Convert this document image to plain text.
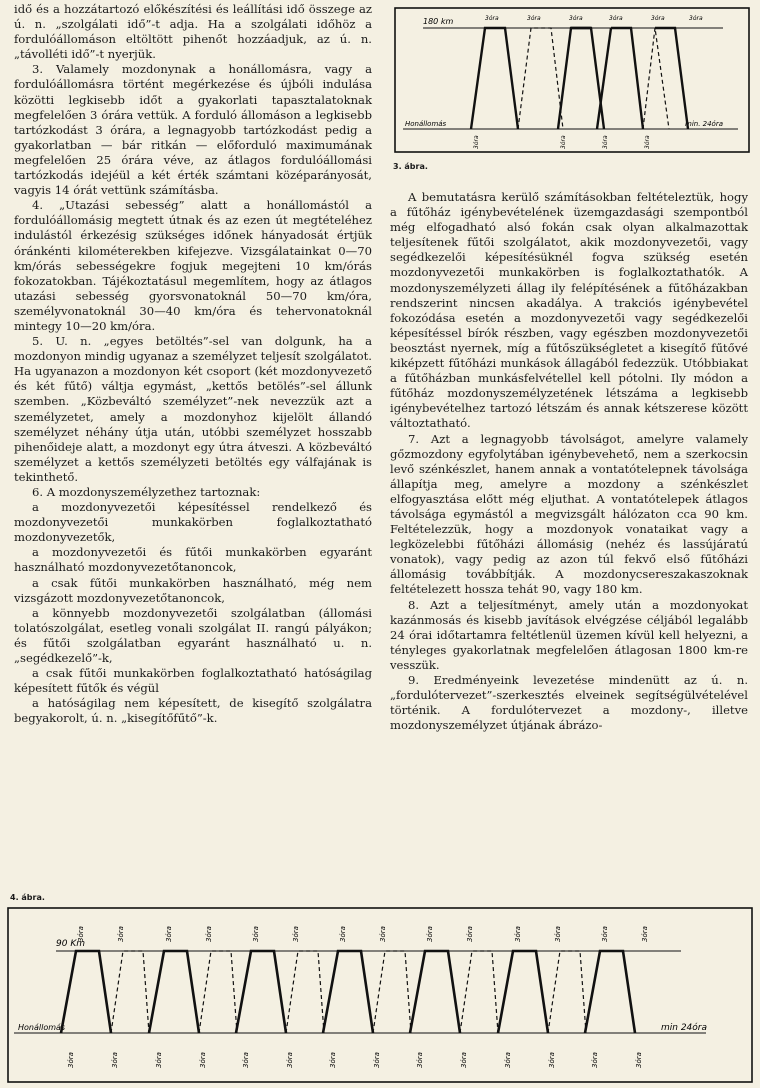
idő és a hozzátartozó előkészítési és leállítási idő összege az ú. n. „szolgálati idő”-t adja. Ha a szolgálati időhöz a fordulóállomáson eltöltött pihenőt hozzáadjuk, az ú. n. „távolléti idő”-t nyerjük.

3. Valamely mozdonynak a honállomásra, vagy a fordulóállomásra történt megérkezése és újbóli indulása közötti legkisebb időt a gyakorlati tapasztalatoknak megfelelően 3 órára vettük. A forduló állomáson a legkisebb tartózkodást 3 órára, a legnagyobb tartózkodást pedig a gyakorlatban — bár ritkán — előforduló maximumának megfelelően 25 órára véve, az átlagos fordulóállomási tartózkodás idejéül a két érték számtani középarányosát, vagyis 14 órát vettünk számításba.

4. „Utazási sebesség” alatt a honállomástól a fordulóállomásig megtett útnak és az ezen út megtételéhez indulástól érkezésig szükséges időnek hányadosát értjük óránkénti kilométerekben kifejezve. Vizsgálatainkat 0—70 km/órás sebességekre fogjuk megejteni 10 km/órás fokozatokban. Tájékoztatásul megemlítem, hogy az átlagos utazási sebesség gyorsvonatoknál 50—70 km/óra, személyvonatoknál 30—40 km/óra és tehervonatoknál mintegy 10—20 km/óra.

5. U. n. „egyes betöltés”-sel van dolgunk, ha a mozdonyon mindig ugyanaz a személyzet teljesít szolgálatot. Ha ugyanazon a mozdonyon két csoport (két mozdonyvezető és két fűtő) váltja egymást, „kettős betölés”-sel állunk szemben. „Közbeváltó személyzet”-nek nevezzük azt a személyzetet, amely a mozdonyhoz kijelölt állandó személyzet néhány útja után, utóbbi személyzet hosszabb pihenőideje alatt, a mozdonyt egy útra átveszi. A közbeváltó személyzet a kettős személyzeti betöltés egy válfajának is tekinthető.

6. A mozdonyszemélyzethez tartoznak:

a mozdonyvezetői képesítéssel rendelkező és mozdonyvezetői munkakörben foglalkoztatható mozdonyvezetők,

a mozdonyvezetői és fűtői munkakörben egyaránt használható mozdonyvezetőtanoncok,

a csak fűtői munkakörben használható, még nem vizsgázott mozdonyvezetőtanoncok,

a könnyebb mozdonyvezetői szolgálatban (állomási tolatószolgálat, esetleg vonali szolgálat II. rangú pályákon; és fűtői szolgálatban egyaránt használható u. n. „segédkezelő”-k,

a csak fűtői munkakörben foglalkoztatható hatóságilag képesített fűtők és végül

a hatóságilag nem képesített, de kisegítő szolgálatra begyakorolt, ú. n. „kisegítőfűtő”-k.

180 km
Honállomás	min. 24óra
3óra	3óra	3óra	3óra	3óra	3óra
3óra	3óra	3óra	3óra
3. ábra.

A bemutatásra kerülő számításokban feltételeztük, hogy a fűtőház igénybevételének üzemgazdasági szempontból még elfogadható alsó fokán csak olyan alkalmazottak teljesítenek fűtői szolgálatot, akik mozdonyvezetői, vagy segédkezelői képesítésüknél fogva szükség esetén mozdonyvezetői munkakörben is foglalkoztathatók. A mozdonyszemélyzeti állag ily felépítésének a fűtőházakban rendszerint nincsen akadálya. A trakciós igénybevétel fokozódása esetén a mozdonyvezetői vagy segédkezelői képesítéssel bírók részben, vagy egészben mozdonyvezetői beosztást nyernek, míg a fűtőszükségletet a kisegítő fűtővé kiképzett fűtőházi munkások állagából fedezzük. Utóbbiakat a fűtőházban munkásfelvétellel kell pótolni. Ily módon a fűtőház mozdonyszemélyzetének létszáma a legkisebb igénybevételhez tartozó létszám és annak kétszerese között változtatható.

7. Azt a legnagyobb távolságot, amelyre valamely gőzmozdony egyfolytában igénybevehető, nem a szerkocsin levő szénkészlet, hanem annak a vontatótelepnek távolsága állapítja meg, amelyre a mozdony a szénkészlet elfogyasztása előtt még eljuthat. A vontatótelepek átlagos távolsága egymástól a megvizsgált hálózaton cca 90 km. Feltételezzük, hogy a mozdonyok vonataikat vagy a legközelebbi fűtőházi állomásig (nehéz és lassújáratú vonatok), vagy pedig az azon túl fekvő első fűtőházi állomásig továbbítják. A mozdonycsereszakaszoknak feltételezett hossza tehát 90, vagy 180 km.

8. Azt a teljesítményt, amely után a mozdonyokat kazánmosás és kisebb javítások elvégzése céljából legalább 24 órai időtartamra feltétlenül üzemen kívül kell helyezni, a tényleges gyakorlatnak megfelelően átlagosan 1800 km-re vesszük.

9. Eredményeink levezetése mindenütt az ú. n. „fordulótervezet”-szerkesztés elveinek segítségülvételével történik. A fordulótervezet a mozdony-, illetve mozdonyszemélyzet útjának ábrázo-

4. ábra.
90 Km
Honállomás	min 24óra
3óra	3óra	3óra	3óra	3óra	3óra	3óra	3óra	3óra	3óra	3óra	3óra	3óra	3óra
3óra	3óra	3óra	3óra	3óra	3óra	3óra	3óra	3óra	3óra	3óra	3óra	3óra	3óra
